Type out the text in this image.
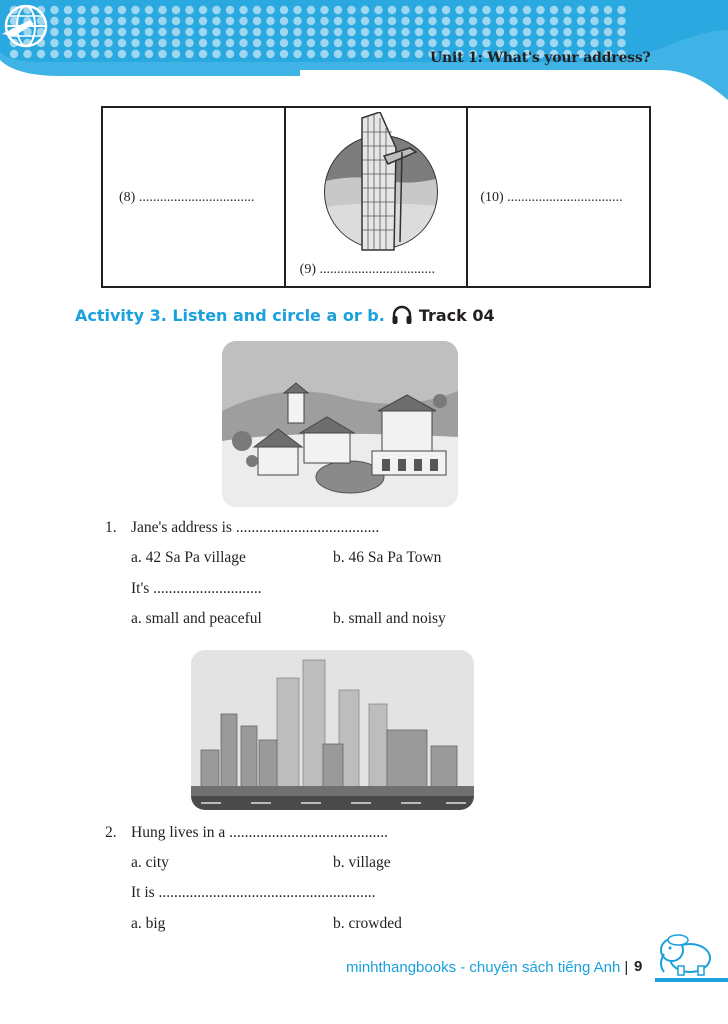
Unit 1: What's your address?
(8) .................................
(9) .................................
(10) .................................
Activity 3. Listen and circle a or b. Track 04
1. Jane's address is .....................................
a. 42 Sa Pa village	b. 46 Sa Pa Town
It's ............................
a. small and peaceful	b. small and noisy
2. Hung lives in a .........................................
a. city	b. village
It is ........................................................
a. big	b. crowded
minhthangbooks - chuyên sách tiếng Anh | 9
